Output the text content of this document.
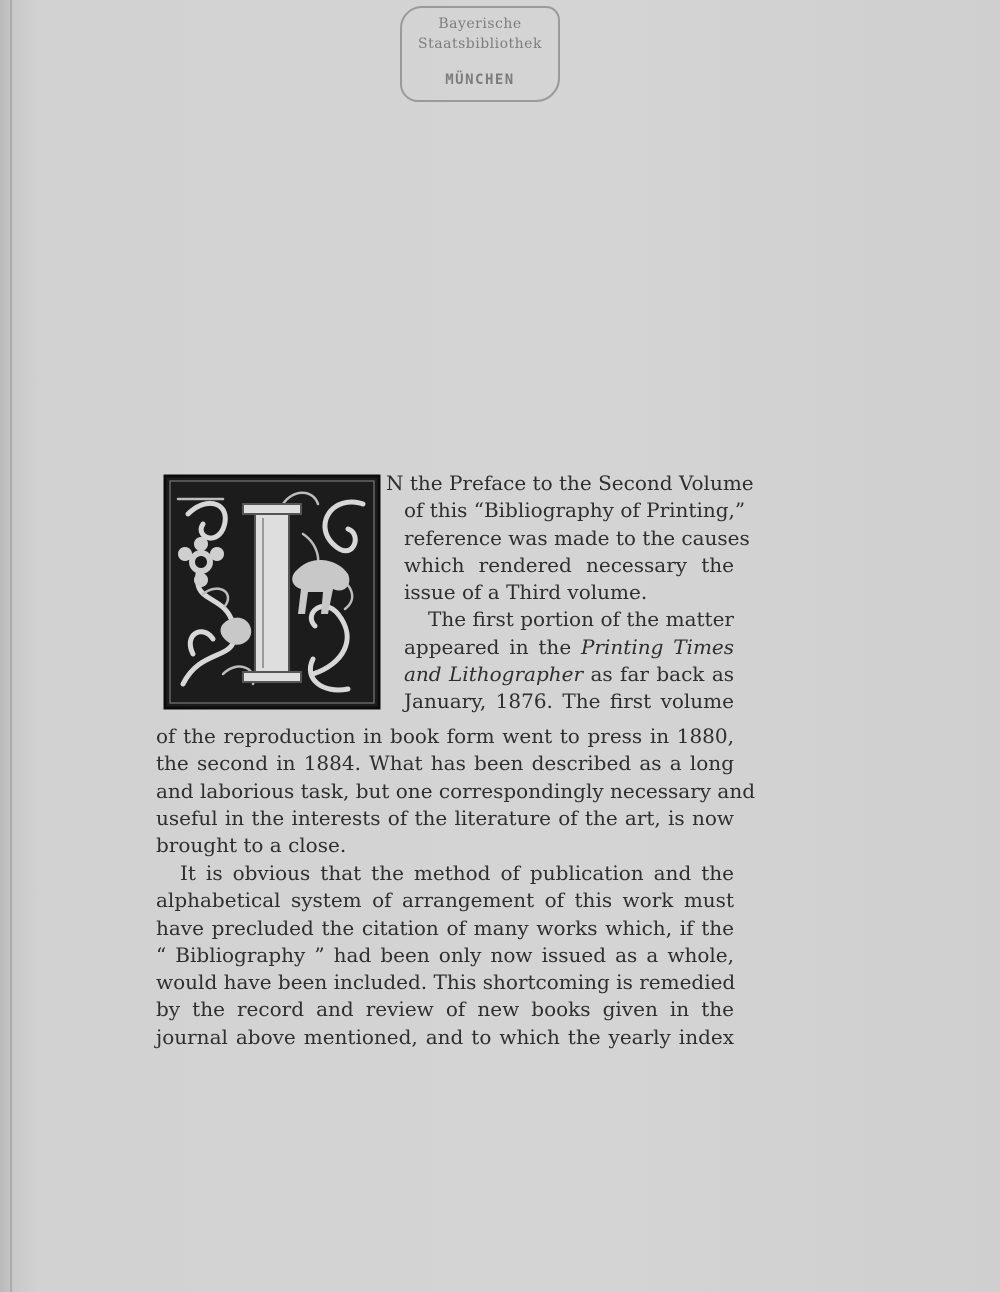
Bayerische
Staatsbibliothek
MÜNCHEN
N the Preface to the Second Volume
of this “Bibliography of Printing,”
reference was made to the causes
which rendered necessary the
issue of a Third volume.
The first portion of the matter
appeared in the Printing Times
and Lithographer as far back as
January, 1876. The first volume
of the reproduction in book form went to press in 1880,
the second in 1884. What has been described as a long
and laborious task, but one correspondingly necessary and
useful in the interests of the literature of the art, is now
brought to a close.
It is obvious that the method of publication and the
alphabetical system of arrangement of this work must
have precluded the citation of many works which, if the
“ Bibliography ” had been only now issued as a whole,
would have been included. This shortcoming is remedied
by the record and review of new books given in the
journal above mentioned, and to which the yearly index
